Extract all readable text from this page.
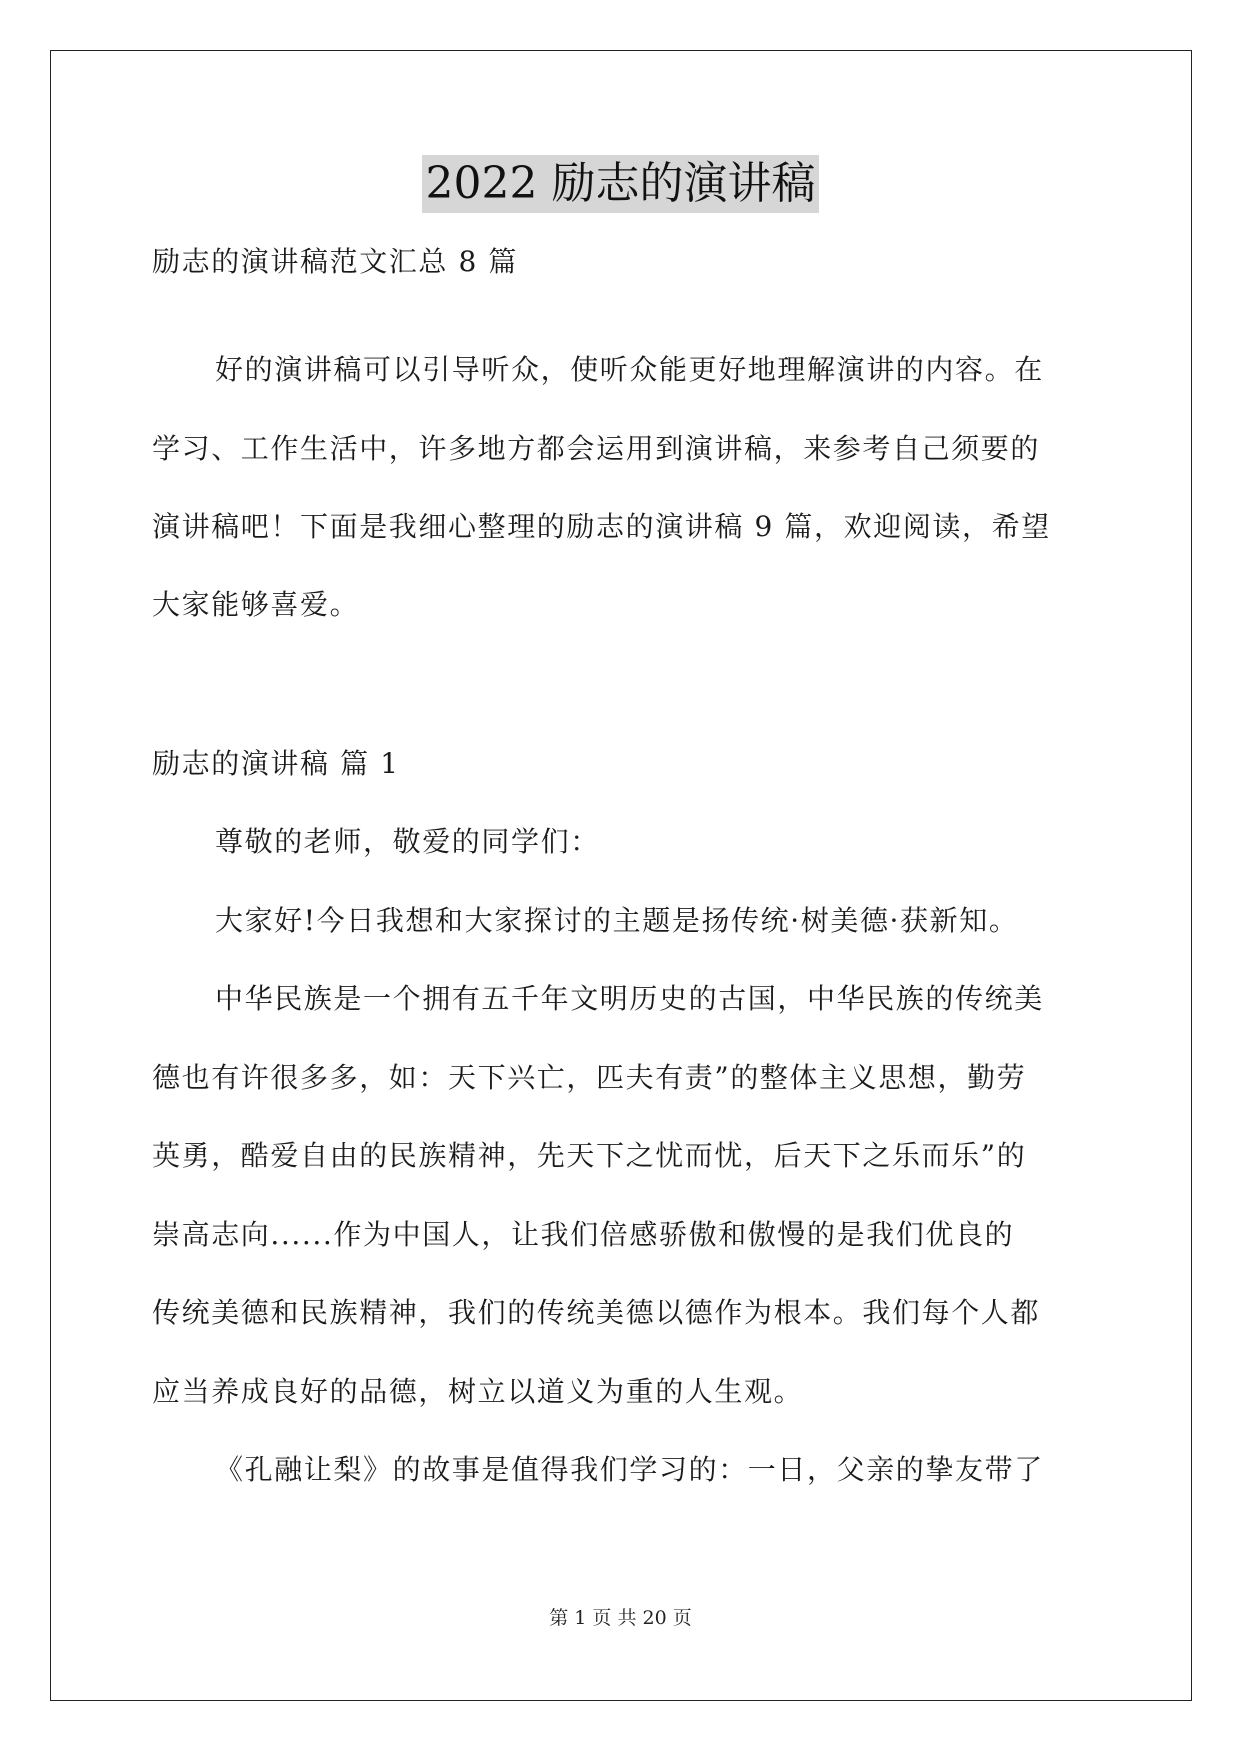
2022 励志的演讲稿
励志的演讲稿范文汇总 8 篇
好的演讲稿可以引导听众，使听众能更好地理解演讲的内容。在
学习、工作生活中，许多地方都会运用到演讲稿，来参考自己须要的
演讲稿吧！下面是我细心整理的励志的演讲稿 9 篇，欢迎阅读，希望
大家能够喜爱。
励志的演讲稿 篇 1
尊敬的老师，敬爱的同学们：
大家好!今日我想和大家探讨的主题是扬传统·树美德·获新知。
中华民族是一个拥有五千年文明历史的古国，中华民族的传统美
德也有许很多多，如：天下兴亡，匹夫有责”的整体主义思想，勤劳
英勇，酷爱自由的民族精神，先天下之忧而忧，后天下之乐而乐”的
崇高志向......作为中国人，让我们倍感骄傲和傲慢的是我们优良的
传统美德和民族精神，我们的传统美德以德作为根本。我们每个人都
应当养成良好的品德，树立以道义为重的人生观。
《孔融让梨》的故事是值得我们学习的：一日，父亲的挚友带了
第 1 页 共 20 页
